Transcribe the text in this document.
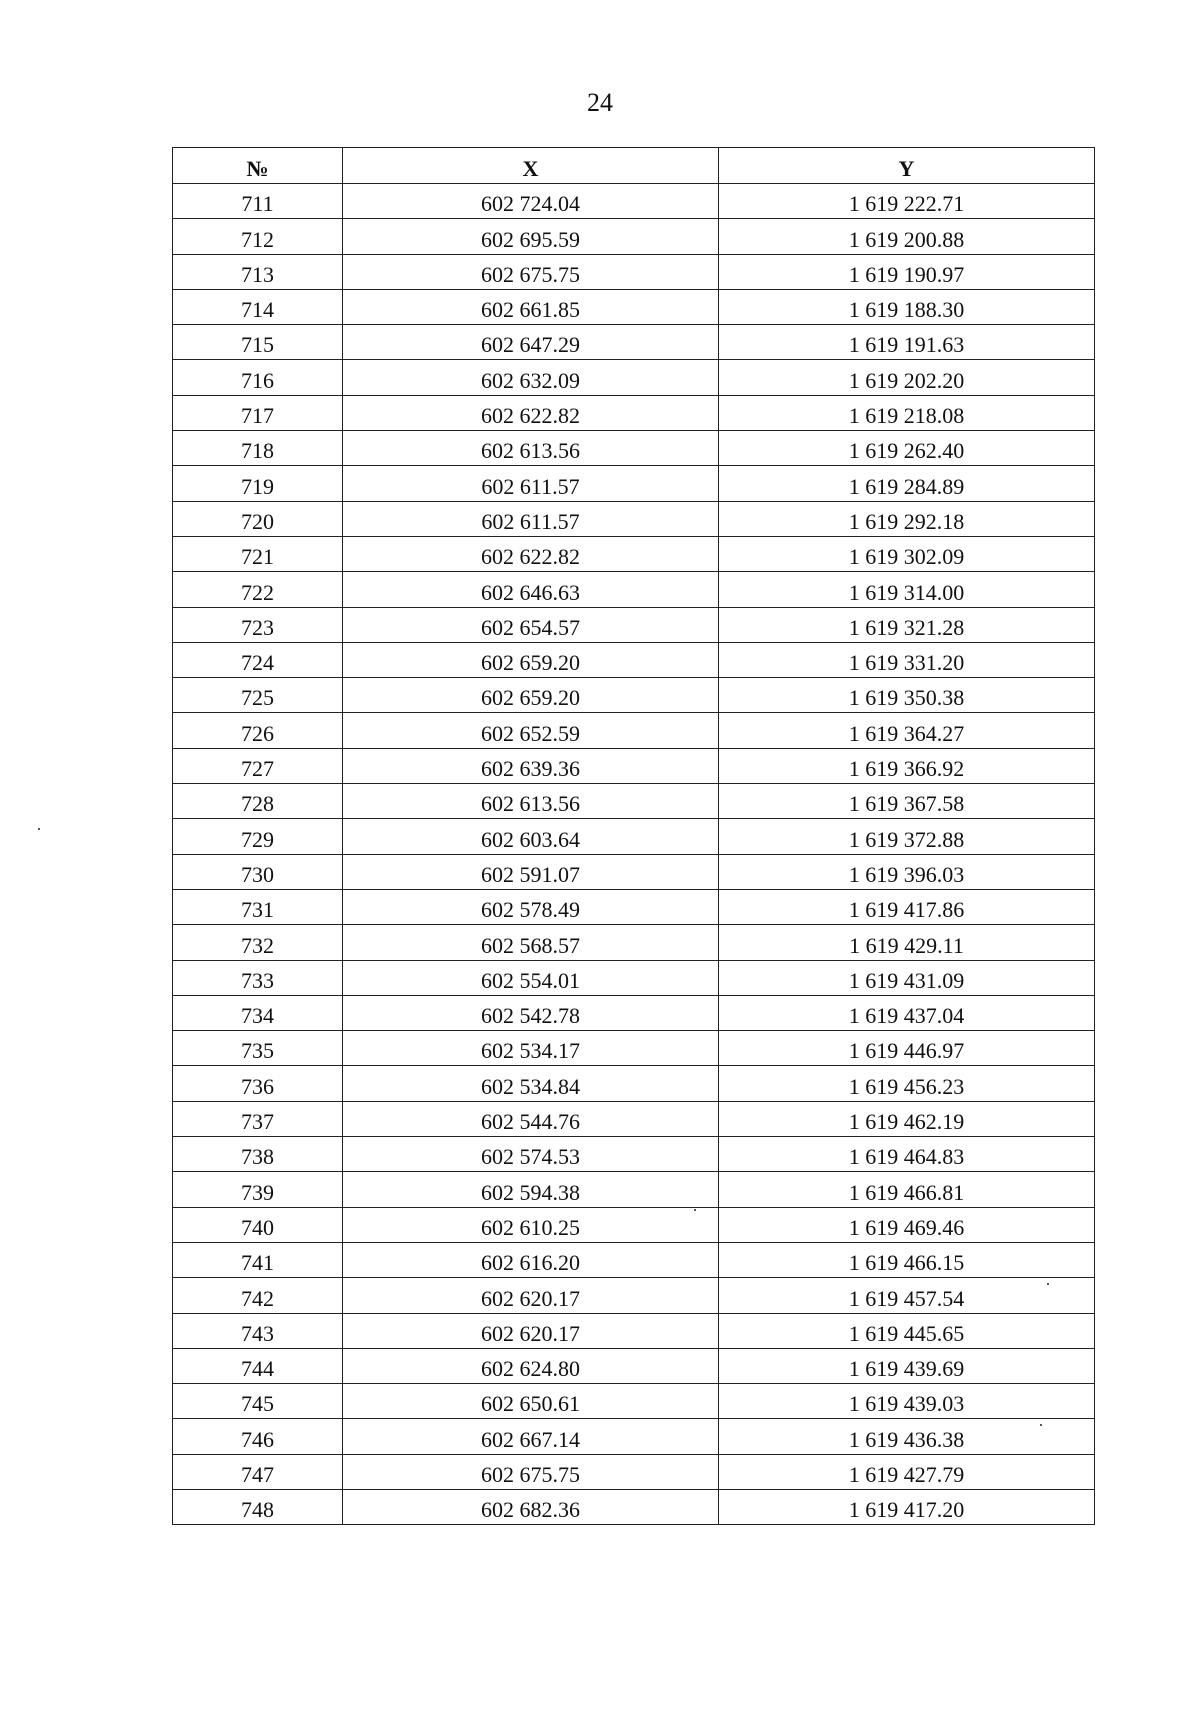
24
№	X	Y
711	602 724.04	1 619 222.71
712	602 695.59	1 619 200.88
713	602 675.75	1 619 190.97
714	602 661.85	1 619 188.30
715	602 647.29	1 619 191.63
716	602 632.09	1 619 202.20
717	602 622.82	1 619 218.08
718	602 613.56	1 619 262.40
719	602 611.57	1 619 284.89
720	602 611.57	1 619 292.18
721	602 622.82	1 619 302.09
722	602 646.63	1 619 314.00
723	602 654.57	1 619 321.28
724	602 659.20	1 619 331.20
725	602 659.20	1 619 350.38
726	602 652.59	1 619 364.27
727	602 639.36	1 619 366.92
728	602 613.56	1 619 367.58
729	602 603.64	1 619 372.88
730	602 591.07	1 619 396.03
731	602 578.49	1 619 417.86
732	602 568.57	1 619 429.11
733	602 554.01	1 619 431.09
734	602 542.78	1 619 437.04
735	602 534.17	1 619 446.97
736	602 534.84	1 619 456.23
737	602 544.76	1 619 462.19
738	602 574.53	1 619 464.83
739	602 594.38	1 619 466.81
740	602 610.25	1 619 469.46
741	602 616.20	1 619 466.15
742	602 620.17	1 619 457.54
743	602 620.17	1 619 445.65
744	602 624.80	1 619 439.69
745	602 650.61	1 619 439.03
746	602 667.14	1 619 436.38
747	602 675.75	1 619 427.79
748	602 682.36	1 619 417.20
